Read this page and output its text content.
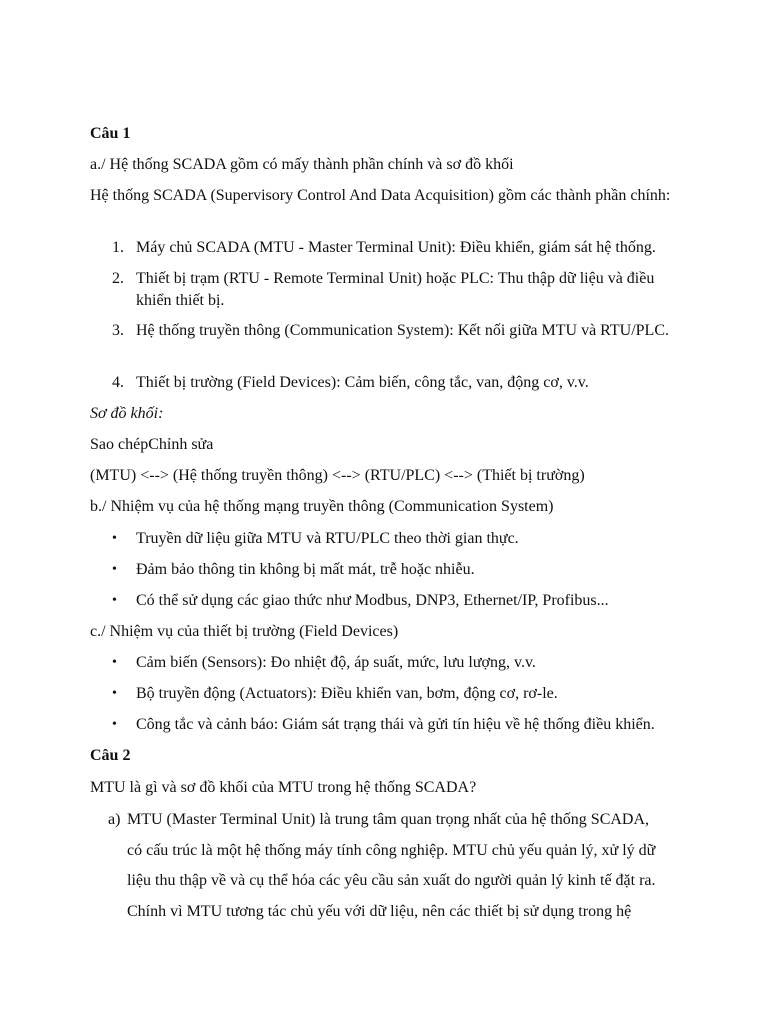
Câu 1
a./ Hệ thống SCADA gồm có mấy thành phần chính và sơ đồ khối
Hệ thống SCADA (Supervisory Control And Data Acquisition) gồm các thành phần chính:
1. Máy chủ SCADA (MTU - Master Terminal Unit): Điều khiển, giám sát hệ thống.
2. Thiết bị trạm (RTU - Remote Terminal Unit) hoặc PLC: Thu thập dữ liệu và điều khiển thiết bị.
3. Hệ thống truyền thông (Communication System): Kết nối giữa MTU và RTU/PLC.
4. Thiết bị trường (Field Devices): Cảm biến, công tắc, van, động cơ, v.v.
Sơ đồ khối:
Sao chépChỉnh sửa
(MTU) <--> (Hệ thống truyền thông) <--> (RTU/PLC) <--> (Thiết bị trường)
b./ Nhiệm vụ của hệ thống mạng truyền thông (Communication System)
• Truyền dữ liệu giữa MTU và RTU/PLC theo thời gian thực.
• Đảm bảo thông tin không bị mất mát, trễ hoặc nhiễu.
• Có thể sử dụng các giao thức như Modbus, DNP3, Ethernet/IP, Profibus...
c./ Nhiệm vụ của thiết bị trường (Field Devices)
• Cảm biến (Sensors): Đo nhiệt độ, áp suất, mức, lưu lượng, v.v.
• Bộ truyền động (Actuators): Điều khiển van, bơm, động cơ, rơ-le.
• Công tắc và cảnh báo: Giám sát trạng thái và gửi tín hiệu về hệ thống điều khiển.
Câu 2
MTU là gì và sơ đồ khối của MTU trong hệ thống SCADA?
a) MTU (Master Terminal Unit) là trung tâm quan trọng nhất của hệ thống SCADA, có cấu trúc là một hệ thống máy tính công nghiệp. MTU chủ yếu quản lý, xử lý dữ liệu thu thập về và cụ thể hóa các yêu cầu sản xuất do người quản lý kinh tế đặt ra. Chính vì MTU tương tác chủ yếu với dữ liệu, nên các thiết bị sử dụng trong hệ
